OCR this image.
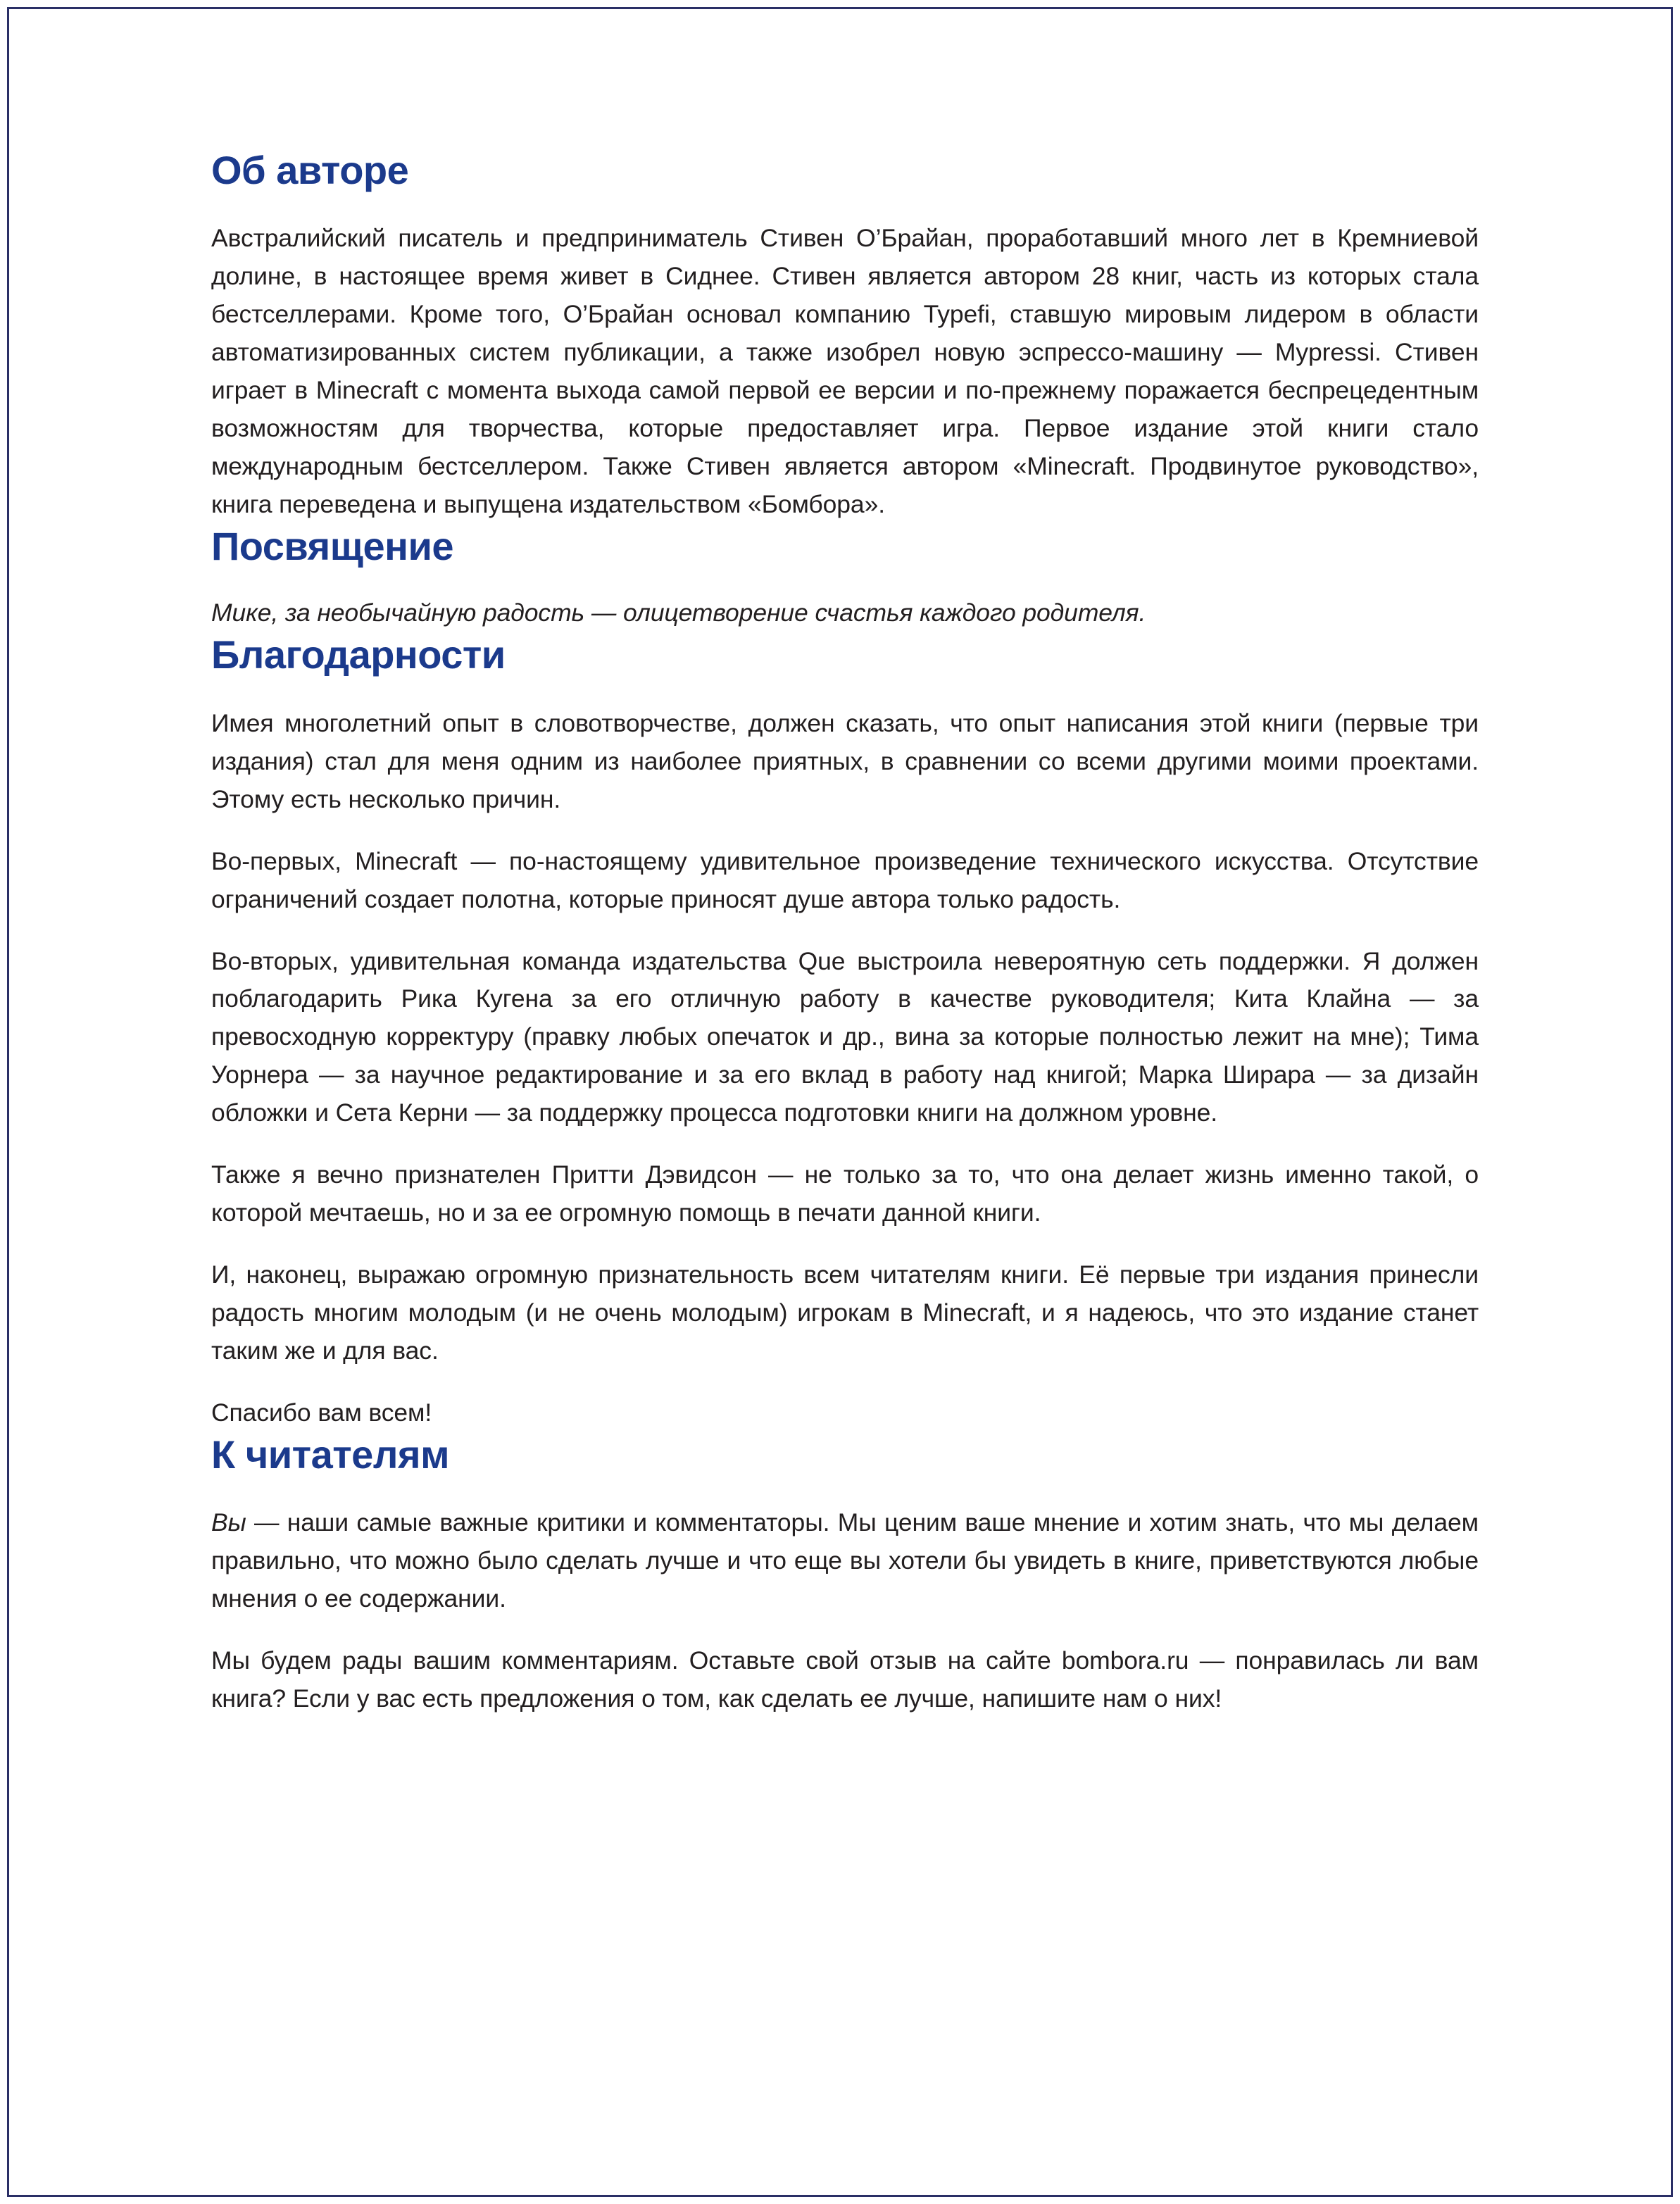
Об авторе

Австралийский писатель и предприниматель Стивен О’Брайан, проработавший много лет в Кремниевой долине, в настоящее время живет в Сиднее. Стивен является автором 28 книг, часть из которых стала бестселлерами. Кроме того, О’Брайан основал компанию Typefi, ставшую мировым лидером в области автоматизированных систем публикации, а также изобрел новую эспрессо-машину — Mypressi. Стивен играет в Minecraft с момента выхода самой первой ее версии и по-прежнему поражается беспрецедентным возможностям для творчества, которые предоставляет игра. Первое издание этой книги стало международным бестселлером. Также Стивен является автором «Minecraft. Продвинутое руководство», книга переведена и выпущена издательством «Бомбора».

Посвящение

Мике, за необычайную радость — олицетворение счастья каждого родителя.

Благодарности

Имея многолетний опыт в словотворчестве, должен сказать, что опыт написания этой книги (первые три издания) стал для меня одним из наиболее приятных, в сравнении со всеми другими моими проектами. Этому есть несколько причин.

Во-первых, Minecraft — по-настоящему удивительное произведение технического искусства. Отсутствие ограничений создает полотна, которые приносят душе автора только радость.

Во-вторых, удивительная команда издательства Que выстроила невероятную сеть поддержки. Я должен поблагодарить Рика Кугена за его отличную работу в качестве руководителя; Кита Клайна — за превосходную корректуру (правку любых опечаток и др., вина за которые полностью лежит на мне); Тима Уорнера — за научное редактирование и за его вклад в работу над книгой; Марка Ширара — за дизайн обложки и Сета Керни — за поддержку процесса подготовки книги на должном уровне.

Также я вечно признателен Притти Дэвидсон — не только за то, что она делает жизнь именно такой, о которой мечтаешь, но и за ее огромную помощь в печати данной книги.

И, наконец, выражаю огромную признательность всем читателям книги. Её первые три издания принесли радость многим молодым (и не очень молодым) игрокам в Minecraft, и я надеюсь, что это издание станет таким же и для вас.

Спасибо вам всем!

К читателям

Вы — наши самые важные критики и комментаторы. Мы ценим ваше мнение и хотим знать, что мы делаем правильно, что можно было сделать лучше и что еще вы хотели бы увидеть в книге, приветствуются любые мнения о ее содержании.

Мы будем рады вашим комментариям. Оставьте свой отзыв на сайте bombora.ru — понравилась ли вам книга? Если у вас есть предложения о том, как сделать ее лучше, напишите нам о них!
